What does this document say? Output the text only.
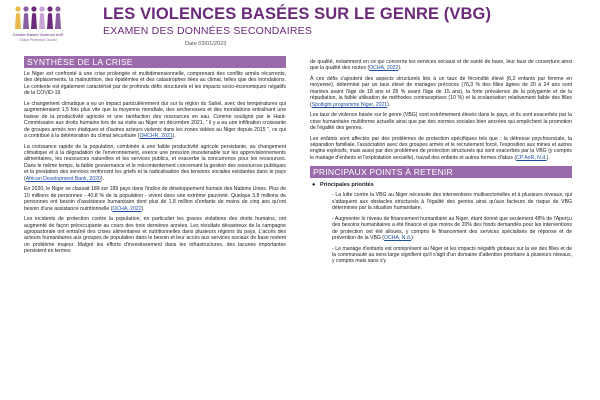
Gender-Based Violence AoR
Global Protection Cluster
LES VIOLENCES BASÉES SUR LE GENRE (VBG)
EXAMEN DES DONNÉES SECONDAIRES
Date 03/01/2023
SYNTHÈSE DE LA CRISE
Le Niger est confronté à une crise prolongée et multidimensionnelle, comprenant des conflits armés récurrents, des déplacements, la malnutrition, des épidémies et des catastrophes liées au climat, telles que des inondations. Le contexte est également caractérisé par de profonds défis structurels et les impacts socio-économiques négatifs de la COVID-19.
Le changement climatique a eu un impact particulièrement dur sur la région du Sahel, avec des températures qui augmenteraient 1,5 fois plus vite que la moyenne mondiale, des sécheresses et des inondations entraînant une baisse de la productivité agricole et une raréfaction des ressources en eau. Comme souligné par le Haut-Commissaire aux droits humains lors de sa visite au Niger en décembre 2021, " il y a eu une infiltration croissante de groupes armés non étatiques et d'autres acteurs violents dans les zones vidées au Niger depuis 2015 ", ce qui a contribué à la détérioration du climat sécuritaire (OHCHR, 2021).
La croissance rapide de la population, combinée à une faible productivité agricole persistante, au changement climatique et à la dégradation de l'environnement, exerce une pression insoutenable sur les approvisionnements alimentaires, les ressources naturelles et les services publics, et exacerbe la concurrence pour les ressources. Dans le même temps, la faible gouvernance et le mécontentement concernant la gestion des ressources publiques et la prestation des services renforcent les griefs et la radicalisation des tensions sociales existantes dans le pays (African Development Bank, 2020).
En 2020, le Niger se classait 189 sur 189 pays dans l'indice de développement humain des Nations Unies. Plus de 10 millions de personnes - 40,8 % de la population - vivent dans une extrême pauvreté. Quelque 3,8 millions de personnes ont besoin d'assistance humanitaire dont plus de 1,8 million d'enfants de moins de cinq ans qu'ont besoin d'une assistance nutritionnelle (OCHA, 2022).
Les incidents de protection contre la population, en particulier les graves violations des droits humains, ont augmenté de façon préoccupante au cours des trois dernières années. Les résultats désastreux de la campagne agropastorale ont entraîné des crises alimentaires et nutritionnelles dans plusieurs régions du pays. L'accès des acteurs humanitaires aux groupes de population dans le besoin et leur accès aux services sociaux de base restent un problème majeur. Malgré les efforts d'investissement dans les infrastructures, des lacunes importantes persistent en termes
de qualité, notamment en ce qui concerne les services sociaux et de santé de base, leur taux de couverture ainsi que la qualité des routes (OCHA, 2022).
À ces défis s'ajoutent des aspects structurels liés à un taux de fécondité élevé (6,2 enfants par femme en moyenne), déterminé par un taux élevé de mariages précoces (76,3 % des filles âgées de 20 à 24 ans sont mariées avant l'âge de 18 ans et 28 % avant l'âge de 15 ans), la forte prévalence de la polygamie et de la répudiation, la faible utilisation de méthodes contraceptives (10 %) et la scolarisation relativement faible des filles (Spotlight programme Niger, 2021).
Les taux de violence basée sur le genre (VBG) sont extrêmement élevés dans le pays, et ils sont exacerbés par la crise humanitaire multiforme actuelle ainsi que par des normes sociales bien ancrées qui empêchent la promotion de l'égalité des genres.
Les enfants sont affectés par des problèmes de protection spécifiques tels que : la détresse psychosociale, la séparation familiale, l'association avec des groupes armés et le recrutement forcé, l'exposition aux mines et autres engins explosifs, mais aussi par des problèmes de protection structurels qui sont exacerbés par la VBG (y compris le mariage d'enfants et l'exploitation sexuelle), travail des enfants et autres formes d'abus (CP AoR, N.d.).
PRINCIPAUX POINTS À RETENIR
● Principales priorités
- La lutte contre la VBG au Niger nécessite des interventions multisectorielles et à plusieurs niveaux, qui s'attaquent aux obstacles structurels à l'égalité des genres ainsi qu'aux facteurs de risque de VBG déterminés par la situation humanitaire.
- Augmenter le niveau de financement humanitaire au Niger, étant donné que seulement 48% de l'Aperçu des besoins humanitaires a été financé et que moins de 20% des fonds demandés pour les interventions de protection ont été alloués, y compris le financement des services spécialisés de réponse et de prévention de la VBG (OCHA, N.d.).
- Le mariage d'enfants est omniprésent au Niger et les impacts négatifs globaux sur la vie des filles et de la communauté au sens large signifient qu'il s'agit d'un domaine d'attention prioritaire à plusieurs niveaux, y compris mais sans s'y
